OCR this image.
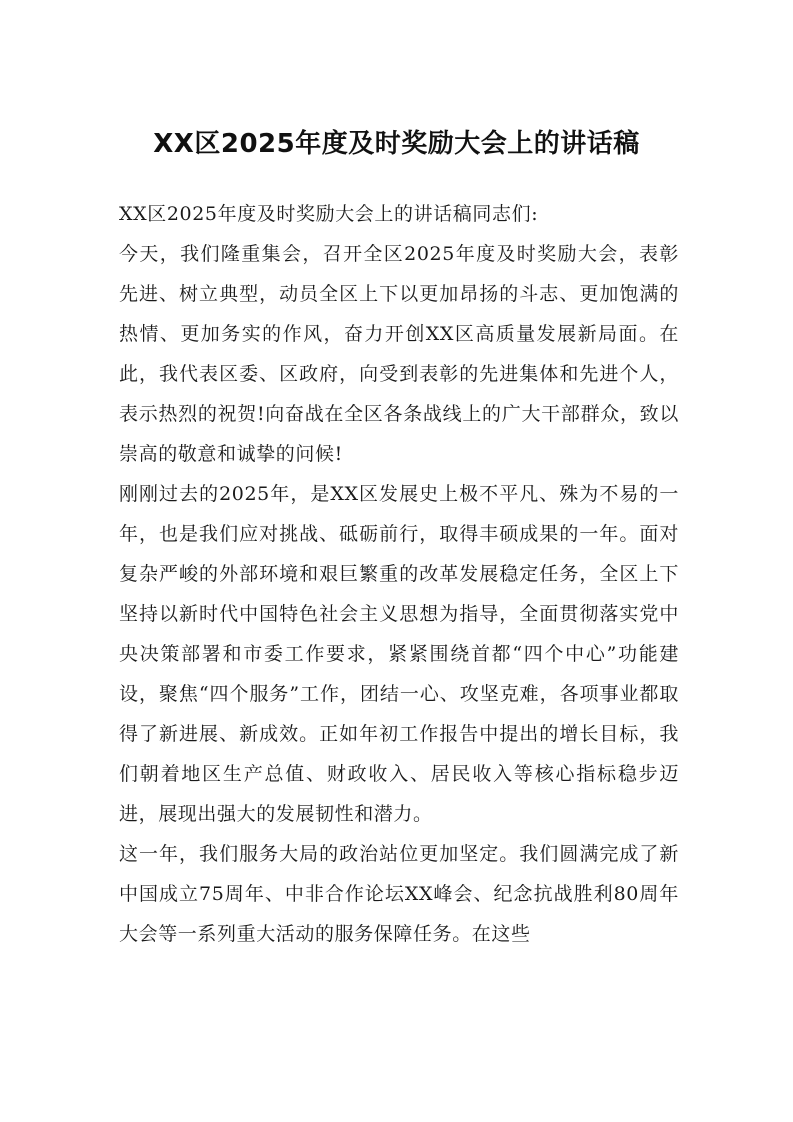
XX区2025年度及时奖励大会上的讲话稿

XX区2025年度及时奖励大会上的讲话稿同志们:

今天，我们隆重集会，召开全区2025年度及时奖励大会，表彰先进、树立典型，动员全区上下以更加昂扬的斗志、更加饱满的热情、更加务实的作风，奋力开创XX区高质量发展新局面。在此，我代表区委、区政府，向受到表彰的先进集体和先进个人，表示热烈的祝贺!向奋战在全区各条战线上的广大干部群众，致以崇高的敬意和诚挚的问候!

刚刚过去的2025年，是XX区发展史上极不平凡、殊为不易的一年，也是我们应对挑战、砥砺前行，取得丰硕成果的一年。面对复杂严峻的外部环境和艰巨繁重的改革发展稳定任务，全区上下坚持以新时代中国特色社会主义思想为指导，全面贯彻落实党中央决策部署和市委工作要求，紧紧围绕首都“四个中心”功能建设，聚焦“四个服务”工作，团结一心、攻坚克难，各项事业都取得了新进展、新成效。正如年初工作报告中提出的增长目标，我们朝着地区生产总值、财政收入、居民收入等核心指标稳步迈进，展现出强大的发展韧性和潜力。

这一年，我们服务大局的政治站位更加坚定。我们圆满完成了新中国成立75周年、中非合作论坛XX峰会、纪念抗战胜利80周年大会等一系列重大活动的服务保障任务。在这些
